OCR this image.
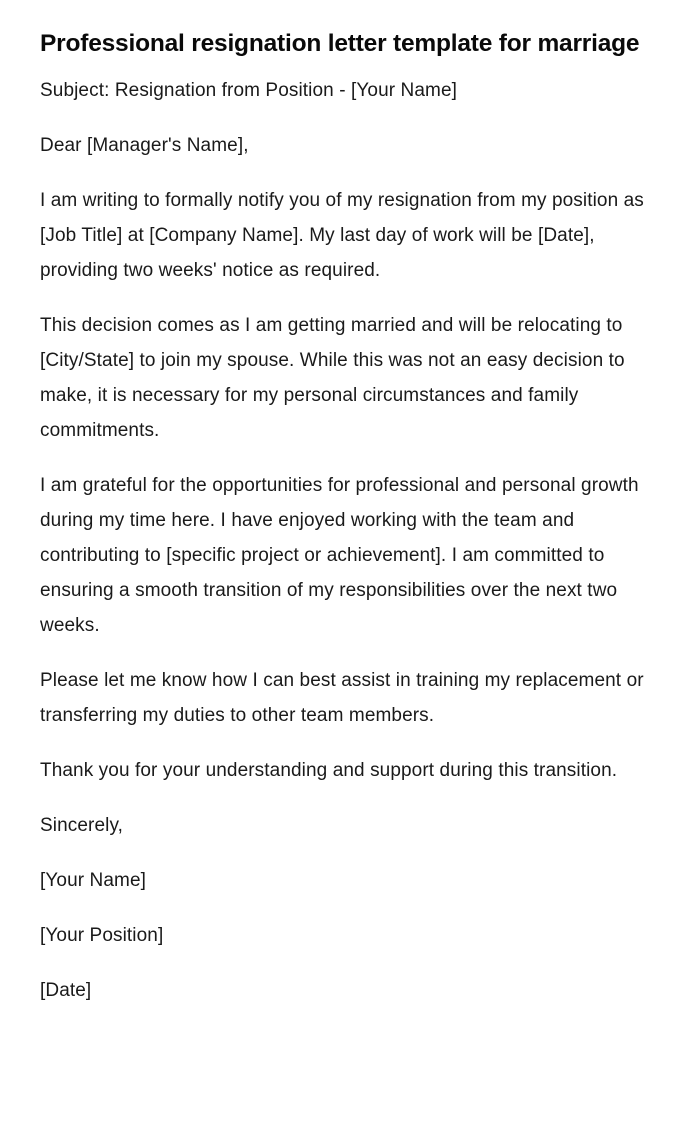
Professional resignation letter template for marriage

Subject: Resignation from Position - [Your Name]

Dear [Manager's Name],

I am writing to formally notify you of my resignation from my position as [Job Title] at [Company Name]. My last day of work will be [Date], providing two weeks' notice as required.

This decision comes as I am getting married and will be relocating to [City/State] to join my spouse. While this was not an easy decision to make, it is necessary for my personal circumstances and family commitments.

I am grateful for the opportunities for professional and personal growth during my time here. I have enjoyed working with the team and contributing to [specific project or achievement]. I am committed to ensuring a smooth transition of my responsibilities over the next two weeks.

Please let me know how I can best assist in training my replacement or transferring my duties to other team members.

Thank you for your understanding and support during this transition.

Sincerely,

[Your Name]

[Your Position]

[Date]
